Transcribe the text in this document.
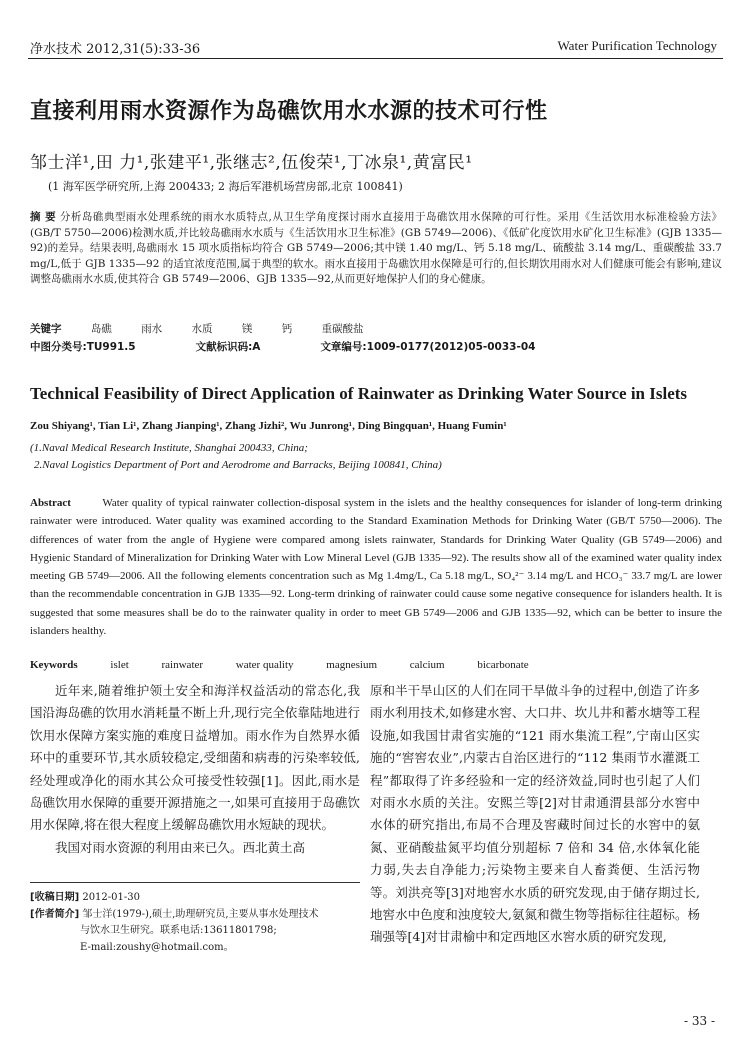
净水技术 2012,31(5):33-36	Water Purification Technology
直接利用雨水资源作为岛礁饮用水水源的技术可行性
邹士洋¹,田 力¹,张建平¹,张继志²,伍俊荣¹,丁冰泉¹,黄富民¹
(1 海军医学研究所,上海 200433; 2 海后军港机场营房部,北京 100841)
摘 要 分析岛礁典型雨水处理系统的雨水水质特点,从卫生学角度探讨雨水直接用于岛礁饮用水保障的可行性。采用《生活饮用水标准检验方法》(GB/T 5750—2006)检测水质,并比较岛礁雨水水质与《生活饮用水卫生标准》(GB 5749—2006)、《低矿化度饮用水矿化卫生标准》(GJB 1335—92)的差异。结果表明,岛礁雨水 15 项水质指标均符合 GB 5749—2006;其中镁 1.40 mg/L、钙 5.18 mg/L、硫酸盐 3.14 mg/L、重碳酸盐 33.7 mg/L,低于 GJB 1335—92 的适宜浓度范围,属于典型的软水。雨水直接用于岛礁饮用水保障是可行的,但长期饮用雨水对人们健康可能会有影响,建议调整岛礁雨水水质,使其符合 GB 5749—2006、GJB 1335—92,从而更好地保护人们的身心健康。
关键字	岛礁	雨水	水质	镁	钙	重碳酸盐
中图分类号:TU991.5	文献标识码:A	文章编号:1009-0177(2012)05-0033-04
Technical Feasibility of Direct Application of Rainwater as Drinking Water Source in Islets
Zou Shiyang¹, Tian Li¹, Zhang Jianping¹, Zhang Jizhi², Wu Junrong¹, Ding Bingquan¹, Huang Fumin¹
(1.Naval Medical Research Institute, Shanghai 200433, China;
2.Naval Logistics Department of Port and Aerodrome and Barracks, Beijing 100841, China)
Abstract	Water quality of typical rainwater collection-disposal system in the islets and the healthy consequences for islander of long-term drinking rainwater were introduced. Water quality was examined according to the Standard Examination Methods for Drinking Water (GB/T 5750—2006). The differences of water from the angle of Hygiene were compared among islets rainwater, Standards for Drinking Water Quality (GB 5749—2006) and Hygienic Standard of Mineralization for Drinking Water with Low Mineral Level (GJB 1335—92). The results show all of the examined water quality index meeting GB 5749—2006. All the following elements concentration such as Mg 1.4mg/L, Ca 5.18 mg/L, SO₄²⁻ 3.14 mg/L and HCO₃⁻ 33.7 mg/L are lower than the recommendable concentration in GJB 1335—92. Long-term drinking of rainwater could cause some negative consequence for islanders health. It is suggested that some measures shall be do to the rainwater quality in order to meet GB 5749—2006 and GJB 1335—92, which can be better to insure the islanders healthy.
Keywords	islet	rainwater	water quality	magnesium	calcium	bicarbonate

近年来,随着维护领土安全和海洋权益活动的常态化,我国沿海岛礁的饮用水消耗量不断上升,现行完全依靠陆地进行饮用水保障方案实施的难度日益增加。雨水作为自然界水循环中的重要环节,其水质较稳定,受细菌和病毒的污染率较低,经处理或净化的雨水其公众可接受性较强[1]。因此,雨水是岛礁饮用水保障的重要开源措施之一,如果可直接用于岛礁饮用水保障,将在很大程度上缓解岛礁饮用水短缺的现状。

我国对雨水资源的利用由来已久。西北黄土高

[收稿日期] 2012-01-30
[作者简介] 邹士洋(1979-),硕士,助理研究员,主要从事水处理技术
与饮水卫生研究。联系电话:13611801798;
E-mail:zoushy@hotmail.com。

原和半干旱山区的人们在同干旱做斗争的过程中,创造了许多雨水利用技术,如修建水窖、大口井、坎儿井和蓄水塘等工程设施,如我国甘肃省实施的“121 雨水集流工程”,宁南山区实施的“窖窖农业”,内蒙古自治区进行的“112 集雨节水灌溉工程”都取得了许多经验和一定的经济效益,同时也引起了人们对雨水水质的关注。安熙兰等[2]对甘肃通渭县部分水窖中水体的研究指出,布局不合理及窖藏时间过长的水窖中的氨氮、亚硝酸盐氮平均值分别超标 7 倍和 34 倍,水体氧化能力弱,失去自净能力;污染物主要来自人畜粪便、生活污物等。刘洪亮等[3]对地窖水水质的研究发现,由于储存期过长,地窖水中色度和浊度较大,氨氮和微生物等指标往往超标。杨瑞强等[4]对甘肃榆中和定西地区水窖水质的研究发现,

- 33 -
